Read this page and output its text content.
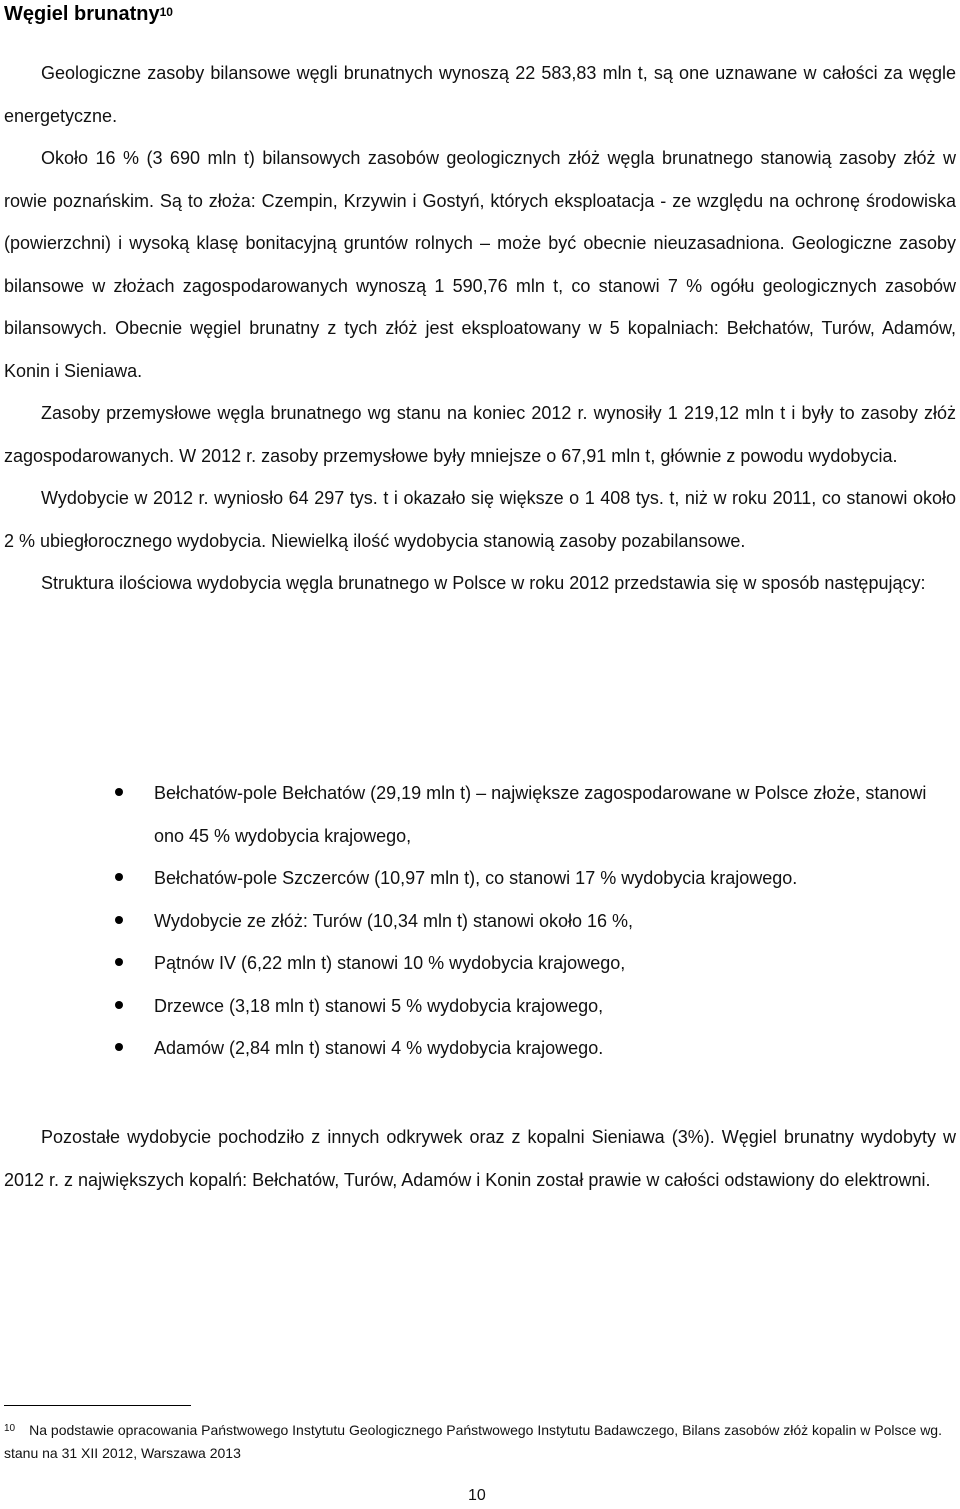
Węgiel brunatny$^{10}$

Geologiczne zasoby bilansowe węgli brunatnych wynoszą 22 583,83 mln t, są one uznawane w całości za węgle energetyczne.

Około 16 % (3 690 mln t) bilansowych zasobów geologicznych złóż węgla brunatnego stanowią zasoby złóż w rowie poznańskim. Są to złoża: Czempin, Krzywin i Gostyń, których eksploatacja - ze względu na ochronę środowiska (powierzchni) i wysoką klasę bonitacyjną gruntów rolnych – może być obecnie nieuzasadniona. Geologiczne zasoby bilansowe w złożach zagospodarowanych wynoszą 1 590,76 mln t, co stanowi 7 % ogółu geologicznych zasobów bilansowych. Obecnie węgiel brunatny z tych złóż jest eksploatowany w 5 kopalniach: Bełchatów, Turów, Adamów, Konin i Sieniawa.

Zasoby przemysłowe węgla brunatnego wg stanu na koniec 2012 r. wynosiły 1 219,12 mln t i były to zasoby złóż zagospodarowanych. W 2012 r. zasoby przemysłowe były mniejsze o 67,91 mln t, głównie z powodu wydobycia.

Wydobycie w 2012 r. wyniosło 64 297 tys. t i okazało się większe o 1 408 tys. t, niż w roku 2011, co stanowi około 2 % ubiegłorocznego wydobycia. Niewielką ilość wydobycia stanowią zasoby pozabilansowe.

Struktura ilościowa wydobycia węgla brunatnego w Polsce w roku 2012 przedstawia się w sposób następujący:

Bełchatów-pole Bełchatów (29,19 mln t) – największe zagospodarowane w Polsce złoże, stanowi ono 45 % wydobycia krajowego,
Bełchatów-pole Szczerców (10,97 mln t), co stanowi 17 % wydobycia krajowego.
Wydobycie ze złóż: Turów (10,34 mln t) stanowi około 16 %,
Pątnów IV (6,22 mln t) stanowi 10 % wydobycia krajowego,
Drzewce (3,18 mln t) stanowi 5 % wydobycia krajowego,
Adamów (2,84 mln t) stanowi 4 % wydobycia krajowego.

Pozostałe wydobycie pochodziło z innych odkrywek oraz z kopalni Sieniawa (3%). Węgiel brunatny wydobyty w 2012 r. z największych kopalń: Bełchatów, Turów, Adamów i Konin został prawie w całości odstawiony do elektrowni.

$^{10}$ Na podstawie opracowania Państwowego Instytutu Geologicznego Państwowego Instytutu Badawczego, Bilans zasobów złóż kopalin w Polsce wg. stanu na 31 XII 2012, Warszawa 2013
10
